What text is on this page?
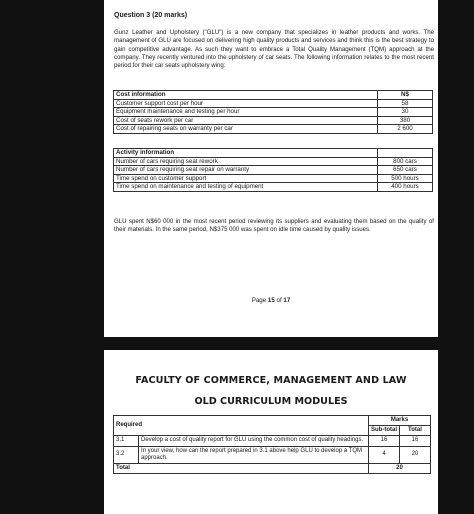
Question 3 (20 marks)
Gunz Leather and Upholstery ("GLU") is a new company that specializes in leather products and works. The management of GLU are focused on delivering high quality products and services and think this is the best strategy to gain competitive advantage. As such they want to embrace a Total Quality Management (TQM) approach at the company. They recently ventured into the upholstery of car seats. The following information relates to the most recent period for their car seats upholstery wing:
Cost information	N$
Customer support cost per hour	58
Equipment maintenance and testing per hour	30
Cost of seats rework per car	380
Cost of repairing seats on warranty per car	2 600
Activity information	
Number of cars requiring seat rework	800 cars
Number of cars requiring seat repair on warranty	650 cars
Time spend on customer support	500 hours
Time spend on maintenance and testing of equipment	400 hours
GLU spent N$60 000 in the most recent period reviewing its suppliers and evaluating them based on the quality of their materials. In the same period, N$375 000 was spent on idle time caused by quality issues.
Page 15 of 17
FACULTY OF COMMERCE, MANAGEMENT AND LAW
OLD CURRICULUM MODULES
Required		Marks	
		Sub-total	Total
3.1	Develop a cost of quality report for GLU using the common cost of quality headings.	16	16
3.2	In your view, how can the report prepared in 3.1 above help GLU to develop a TQM approach.	4	20
Total		20	
